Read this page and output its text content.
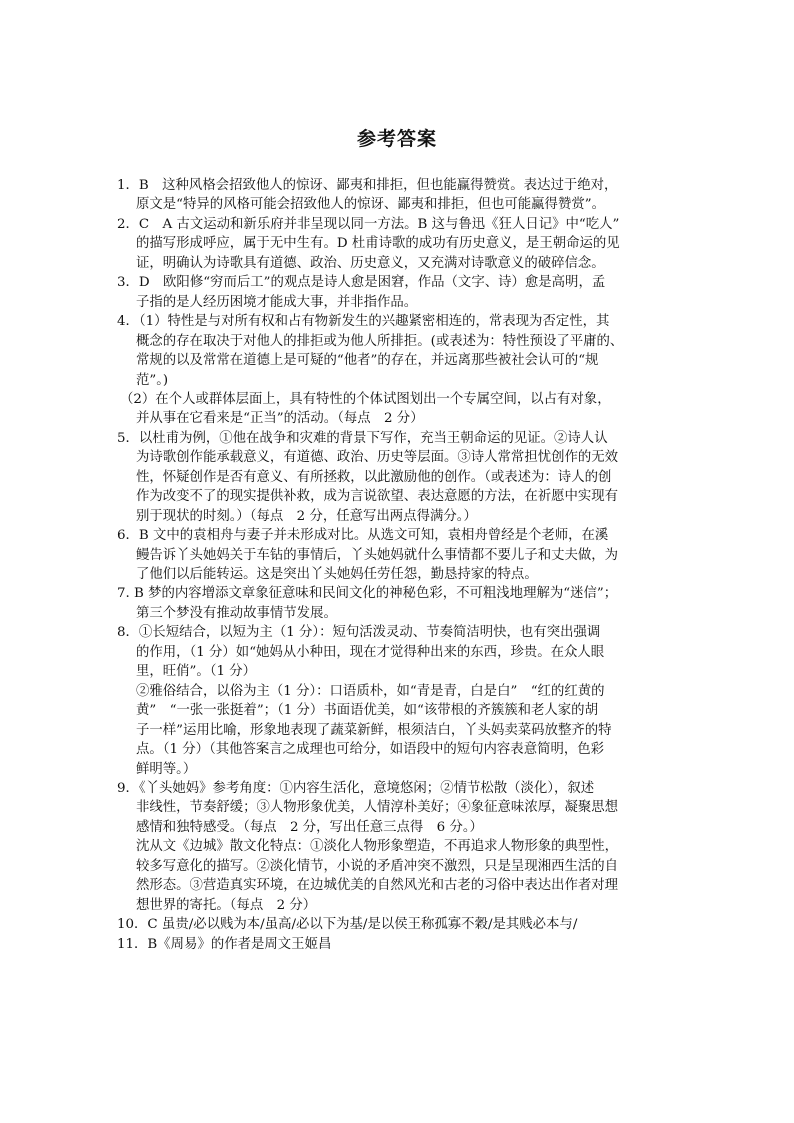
参考答案
1．B　这种风格会招致他人的惊讶、鄙夷和排拒，但也能赢得赞赏。表达过于绝对，
原文是“特异的风格可能会招致他人的惊讶、鄙夷和排拒，但也可能赢得赞赏”。
2．C　A 古文运动和新乐府并非呈现以同一方法。B 这与鲁迅《狂人日记》中“吃人”
的描写形成呼应，属于无中生有。D 杜甫诗歌的成功有历史意义，是王朝命运的见
证，明确认为诗歌具有道德、政治、历史意义，又充满对诗歌意义的破碎信念。
3．D　欧阳修“穷而后工”的观点是诗人愈是困窘，作品（文字、诗）愈是高明，孟
子指的是人经历困境才能成大事，并非指作品。
4．（1）特性是与对所有权和占有物新发生的兴趣紧密相连的，常表现为否定性，其
概念的存在取决于对他人的排拒或为他人所排拒。(或表述为：特性预设了平庸的、
常规的以及常常在道德上是可疑的“他者”的存在，并远离那些被社会认可的“规
范”。)
（2）在个人或群体层面上，具有特性的个体试图划出一个专属空间，以占有对象，
并从事在它看来是“正当”的活动。（每点　2 分）
5．以杜甫为例，①他在战争和灾难的背景下写作，充当王朝命运的见证。②诗人认
为诗歌创作能承载意义，有道德、政治、历史等层面。③诗人常常担忧创作的无效
性，怀疑创作是否有意义、有所拯救，以此激励他的创作。（或表述为：诗人的创
作为改变不了的现实提供补救，成为言说欲望、表达意愿的方法，在祈愿中实现有
别于现状的时刻。）（每点　2 分，任意写出两点得满分。）
6．B 文中的袁相舟与妻子并未形成对比。从选文可知，袁相舟曾经是个老师，在溪
鳗告诉丫头她妈关于车钻的事情后，丫头她妈就什么事情都不要儿子和丈夫做，为
了他们以后能转运。这是突出丫头她妈任劳任怨，勤恳持家的特点。
7. B 梦的内容增添文章象征意味和民间文化的神秘色彩，不可粗浅地理解为“迷信”；
第三个梦没有推动故事情节发展。
8．①长短结合，以短为主（1 分）：短句活泼灵动、节奏简洁明快，也有突出强调
的作用，（1 分）如“她妈从小种田，现在才觉得种出来的东西，珍贵。在众人眼
里，旺俏”。（1 分）
②雅俗结合，以俗为主（1 分）：口语质朴，如“青是青，白是白”　“红的红黄的
黄”　“一张一张挺着”；（1 分）书面语优美，如“该带根的齐簇簇和老人家的胡
子一样”运用比喻，形象地表现了蔬菜新鲜，根须洁白，丫头妈卖菜码放整齐的特
点。（1 分）（其他答案言之成理也可给分，如语段中的短句内容表意简明，色彩
鲜明等。）
9．《丫头她妈》参考角度：①内容生活化，意境悠闲；②情节松散（淡化），叙述
非线性，节奏舒缓；③人物形象优美，人情淳朴美好；④象征意味浓厚，凝聚思想
感情和独特感受。（每点　2 分，写出任意三点得　6 分。）
沈从文《边城》散文化特点：①淡化人物形象塑造，不再追求人物形象的典型性，
较多写意化的描写。②淡化情节，小说的矛盾冲突不激烈，只是呈现湘西生活的自
然形态。③营造真实环境，在边城优美的自然风光和古老的习俗中表达出作者对理
想世界的寄托。（每点　2 分）
10．C 虽贵/必以贱为本/虽高/必以下为基/是以侯王称孤寡不穀/是其贱必本与/
11．B《周易》的作者是周文王姬昌
